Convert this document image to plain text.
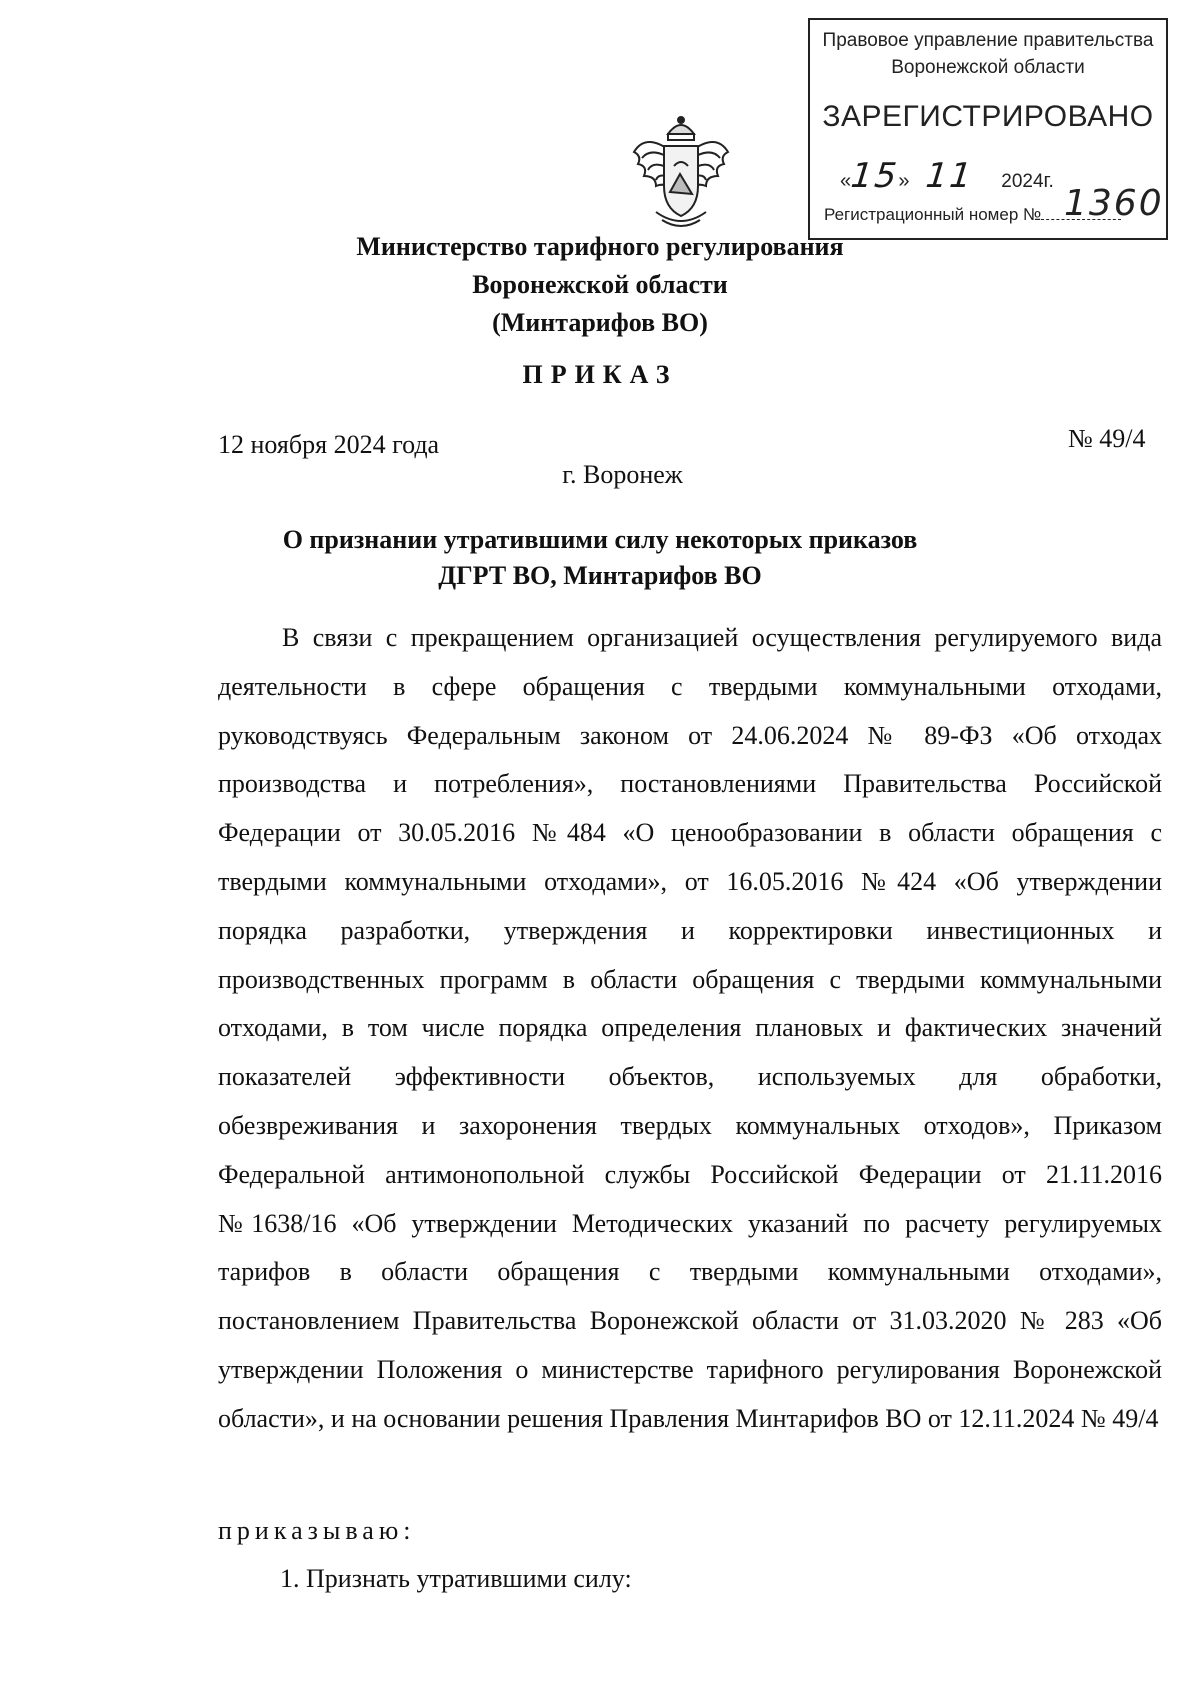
Правовое управление правительства
Воронежской области
ЗАРЕГИСТРИРОВАНО
«15»   11 2024г.
Регистрационный номер № 1360
Министерство тарифного регулирования
Воронежской области
(Минтарифов ВО)
ПРИКАЗ
12 ноября 2024 года	№ 49/4
г. Воронеж
О признании утратившими силу некоторых приказов
ДГРТ ВО, Минтарифов ВО
В связи с прекращением организацией осуществления регулируемого вида деятельности в сфере обращения с твердыми коммунальными отходами, руководствуясь Федеральным законом от 24.06.2024 № 89-ФЗ «Об отходах производства и потребления», постановлениями Правительства Российской Федерации от 30.05.2016 №484 «О ценообразовании в области обращения с твердыми коммунальными отходами», от 16.05.2016 №424 «Об утверждении порядка разработки, утверждения и корректировки инвестиционных и производственных программ в области обращения с твердыми коммунальными отходами, в том числе порядка определения плановых и фактических значений показателей эффективности объектов, используемых для обработки, обезвреживания и захоронения твердых коммунальных отходов», Приказом Федеральной антимонопольной службы Российской Федерации от 21.11.2016 №1638/16 «Об утверждении Методических указаний по расчету регулируемых тарифов в области обращения с твердыми коммунальными отходами», постановлением Правительства Воронежской области от 31.03.2020 № 283 «Об утверждении Положения о министерстве тарифного регулирования Воронежской области», и на основании решения Правления Минтарифов ВО от 12.11.2024 № 49/4
приказываю:
1. Признать утратившими силу:
